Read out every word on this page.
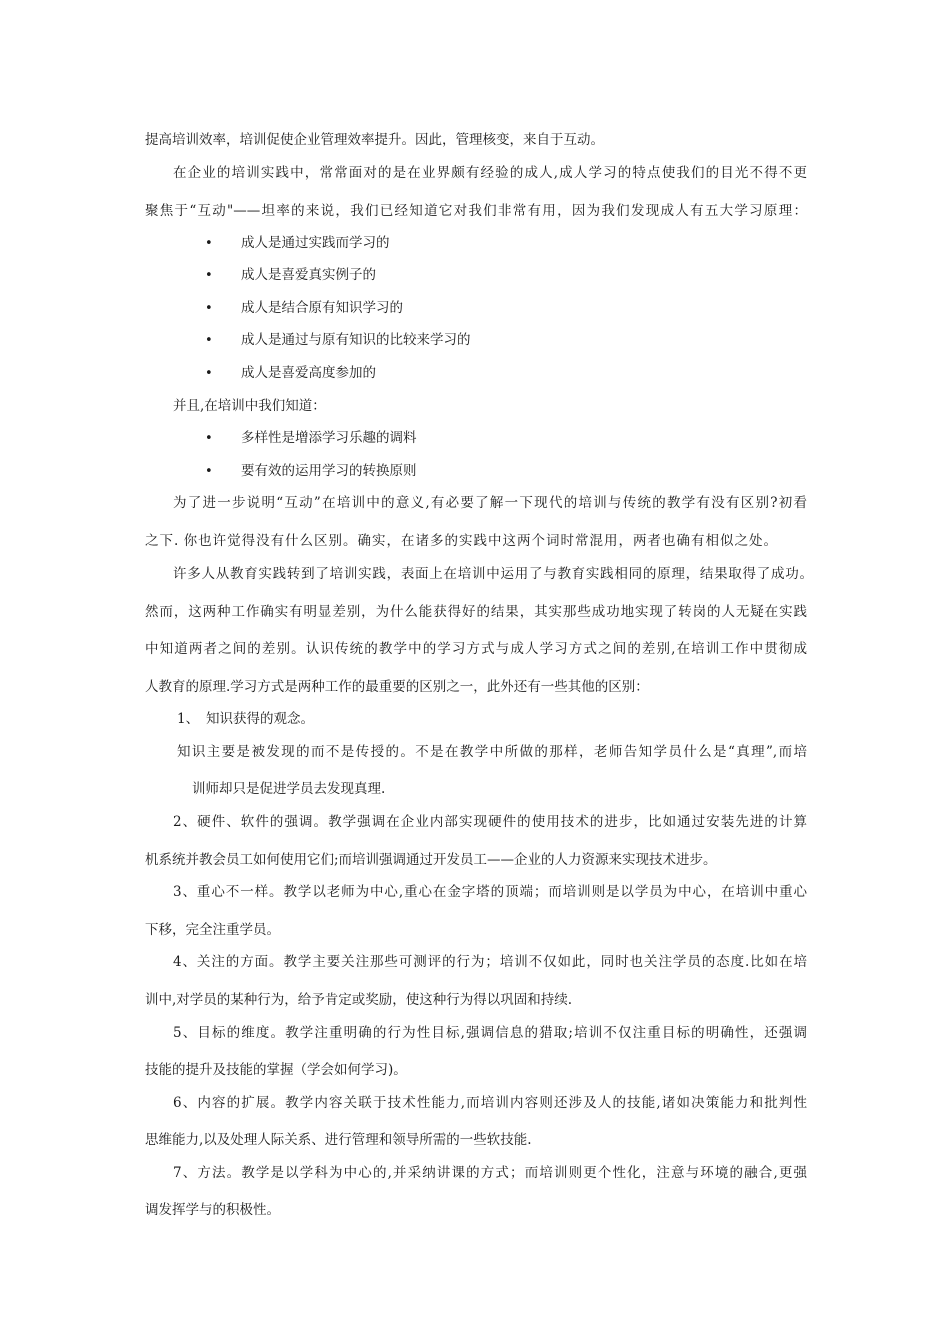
提高培训效率，培训促使企业管理效率提升。因此，管理核变，来自于互动。
在企业的培训实践中，常常面对的是在业界颇有经验的成人,成人学习的特点使我们的目光不得不更
聚焦于“互动"——坦率的来说，我们已经知道它对我们非常有用，因为我们发现成人有五大学习原理：
• 成人是通过实践而学习的
• 成人是喜爱真实例子的
• 成人是结合原有知识学习的
• 成人是通过与原有知识的比较来学习的
• 成人是喜爱高度参加的
并且,在培训中我们知道：
• 多样性是增添学习乐趣的调料
• 要有效的运用学习的转换原则
为了进一步说明“互动”在培训中的意义,有必要了解一下现代的培训与传统的教学有没有区别?初看
之下. 你也许觉得没有什么区别。确实，在诸多的实践中这两个词时常混用，两者也确有相似之处。
许多人从教育实践转到了培训实践，表面上在培训中运用了与教育实践相同的原理，结果取得了成功。
然而，这两种工作确实有明显差别，为什么能获得好的结果，其实那些成功地实现了转岗的人无疑在实践
中知道两者之间的差别。认识传统的教学中的学习方式与成人学习方式之间的差别,在培训工作中贯彻成
人教育的原理.学习方式是两种工作的最重要的区别之一，此外还有一些其他的区别：
1、 知识获得的观念。
知识主要是被发现的而不是传授的。不是在教学中所做的那样，老师告知学员什么是“真理”,而培
训师却只是促进学员去发现真理.
2、硬件、软件的强调。教学强调在企业内部实现硬件的使用技术的进步，比如通过安装先进的计算
机系统并教会员工如何使用它们;而培训强调通过开发员工——企业的人力资源来实现技术进步。
3、重心不一样。教学以老师为中心,重心在金字塔的顶端；而培训则是以学员为中心，在培训中重心
下移，完全注重学员。
4、关注的方面。教学主要关注那些可测评的行为；培训不仅如此，同时也关注学员的态度.比如在培
训中,对学员的某种行为，给予肯定或奖励，使这种行为得以巩固和持续.
5、目标的维度。教学注重明确的行为性目标,强调信息的猎取;培训不仅注重目标的明确性，还强调
技能的提升及技能的掌握（学会如何学习)。
6、内容的扩展。教学内容关联于技术性能力,而培训内容则还涉及人的技能,诸如决策能力和批判性
思维能力,以及处理人际关系、进行管理和领导所需的一些软技能.
7、方法。教学是以学科为中心的,并采纳讲课的方式；而培训则更个性化，注意与环境的融合,更强
调发挥学与的积极性。
